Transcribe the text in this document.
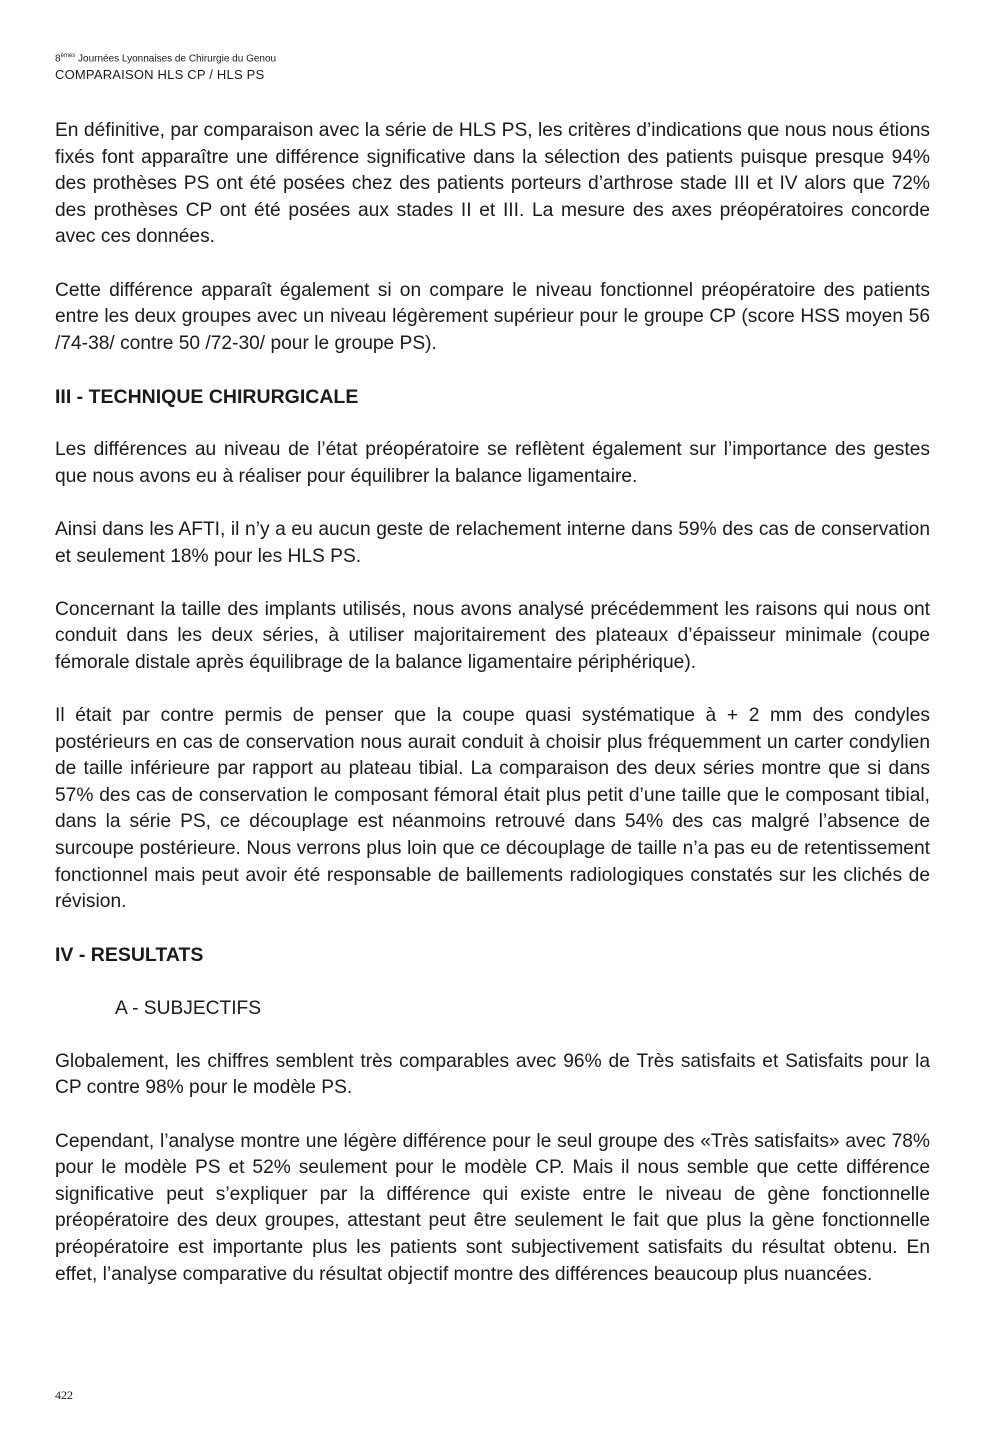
8èmes Journées Lyonnaises de Chirurgie du Genou
COMPARAISON HLS CP / HLS PS

En définitive, par comparaison avec la série de HLS PS, les critères d’indications que nous nous étions fixés font apparaître une différence significative dans la sélection des patients puisque presque 94% des prothèses PS ont été posées chez des patients porteurs d’arthrose stade III et IV alors que 72% des prothèses CP ont été posées aux stades II et III. La mesure des axes préopératoires concorde avec ces données.

Cette différence apparaît également si on compare le niveau fonctionnel préopératoire des patients entre les deux groupes avec un niveau légèrement supérieur pour le groupe CP (score HSS moyen 56 /74-38/ contre 50 /72-30/ pour le groupe PS).

III - TECHNIQUE CHIRURGICALE

Les différences au niveau de l’état préopératoire se reflètent également sur l’importance des gestes que nous avons eu à réaliser pour équilibrer la balance ligamentaire.

Ainsi dans les AFTI, il n’y a eu aucun geste de relachement interne dans 59% des cas de conservation et seulement 18% pour les HLS PS.

Concernant la taille des implants utilisés, nous avons analysé précédemment les raisons qui nous ont conduit dans les deux séries, à utiliser majoritairement des plateaux d’épaisseur minimale (coupe fémorale distale après équilibrage de la balance ligamentaire périphérique).

Il était par contre permis de penser que la coupe quasi systématique à + 2 mm des condyles postérieurs en cas de conservation nous aurait conduit à choisir plus fréquemment un carter condylien de taille inférieure par rapport au plateau tibial. La comparaison des deux séries montre que si dans 57% des cas de conservation le composant fémoral était plus petit d’une taille que le composant tibial, dans la série PS, ce découplage est néanmoins retrouvé dans 54% des cas malgré l’absence de surcoupe postérieure. Nous verrons plus loin que ce découplage de taille n’a pas eu de retentissement fonctionnel mais peut avoir été responsable de baillements radiologiques constatés sur les clichés de révision.

IV - RESULTATS
A - SUBJECTIFS

Globalement, les chiffres semblent très comparables avec 96% de Très satisfaits et Satisfaits pour la CP contre 98% pour le modèle PS.

Cependant, l’analyse montre une légère différence pour le seul groupe des «Très satisfaits» avec 78% pour le modèle PS et 52% seulement pour le modèle CP. Mais il nous semble que cette différence significative peut s’expliquer par la différence qui existe entre le niveau de gène fonctionnelle préopératoire des deux groupes, attestant peut être seulement le fait que plus la gène fonctionnelle préopératoire est importante plus les patients sont subjectivement satisfaits du résultat obtenu. En effet, l’analyse comparative du résultat objectif montre des différences beaucoup plus nuancées.

422
